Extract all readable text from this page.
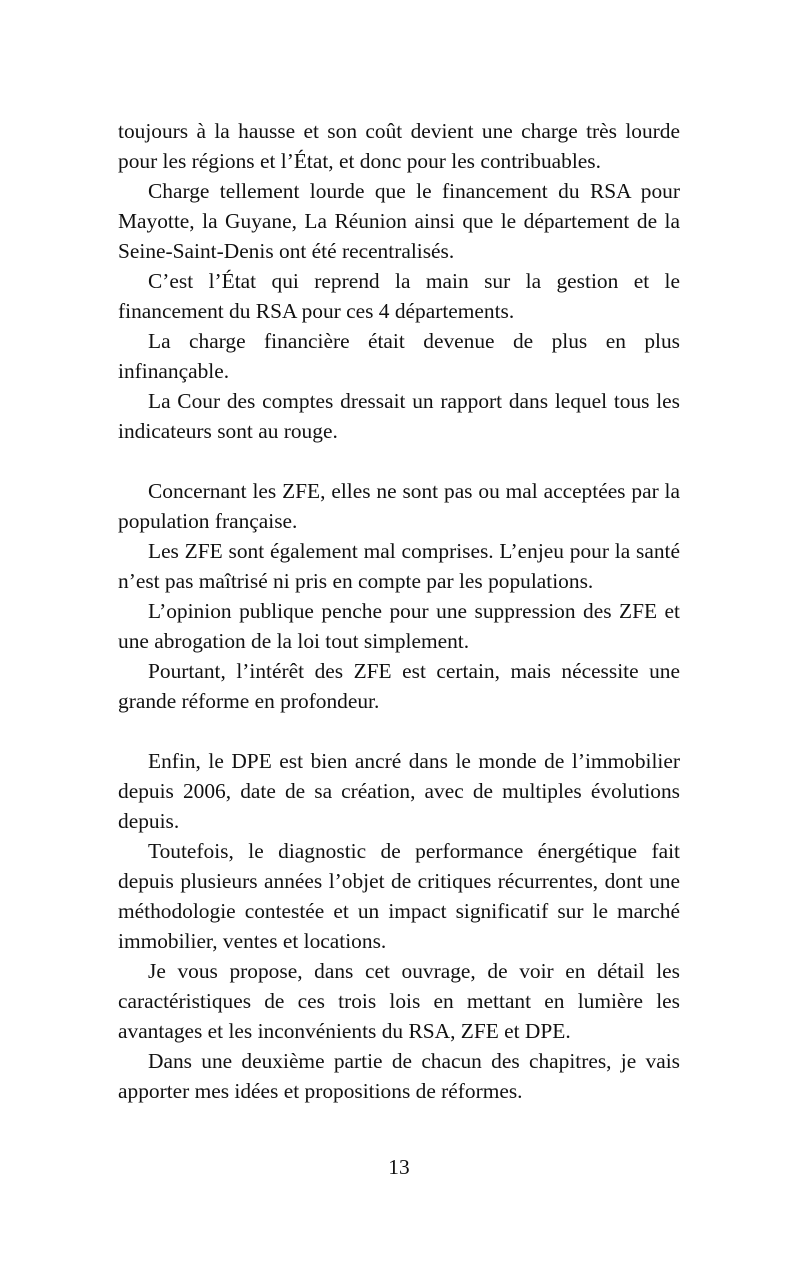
toujours à la hausse et son coût devient une charge très lourde pour les régions et l’État, et donc pour les contribuables.

Charge tellement lourde que le financement du RSA pour Mayotte, la Guyane, La Réunion ainsi que le département de la Seine-Saint-Denis ont été recentralisés.

C’est l’État qui reprend la main sur la gestion et le financement du RSA pour ces 4 départements.

La charge financière était devenue de plus en plus infinançable.

La Cour des comptes dressait un rapport dans lequel tous les indicateurs sont au rouge.

Concernant les ZFE, elles ne sont pas ou mal acceptées par la population française.

Les ZFE sont également mal comprises. L’enjeu pour la santé n’est pas maîtrisé ni pris en compte par les populations.

L’opinion publique penche pour une suppression des ZFE et une abrogation de la loi tout simplement.

Pourtant, l’intérêt des ZFE est certain, mais nécessite une grande réforme en profondeur.

Enfin, le DPE est bien ancré dans le monde de l’immobilier depuis 2006, date de sa création, avec de multiples évolutions depuis.

Toutefois, le diagnostic de performance énergétique fait depuis plusieurs années l’objet de critiques récurrentes, dont une méthodologie contestée et un impact significatif sur le marché immobilier, ventes et locations.

Je vous propose, dans cet ouvrage, de voir en détail les caractéristiques de ces trois lois en mettant en lumière les avantages et les inconvénients du RSA, ZFE et DPE.

Dans une deuxième partie de chacun des chapitres, je vais apporter mes idées et propositions de réformes.

13
